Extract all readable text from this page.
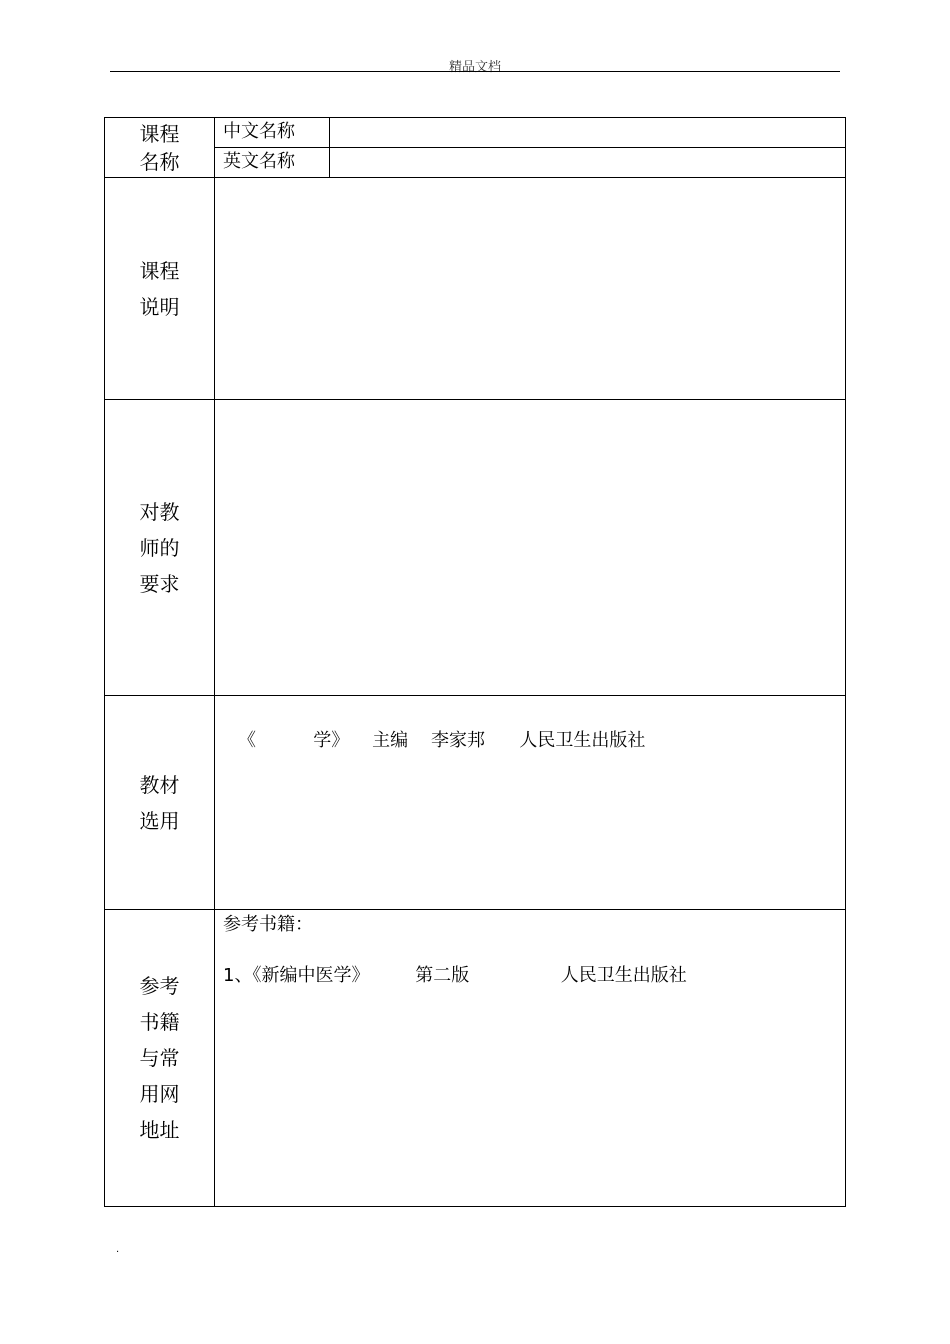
精品文档
课程
名称
中文名称
英文名称
课程
说明
对教
师的
要求
教材
选用
《          学》    主编    李家邦      人民卫生出版社
参考
书籍
与常
用网
地址
参考书籍：
1、《新编中医学》        第二版                人民卫生出版社
.
